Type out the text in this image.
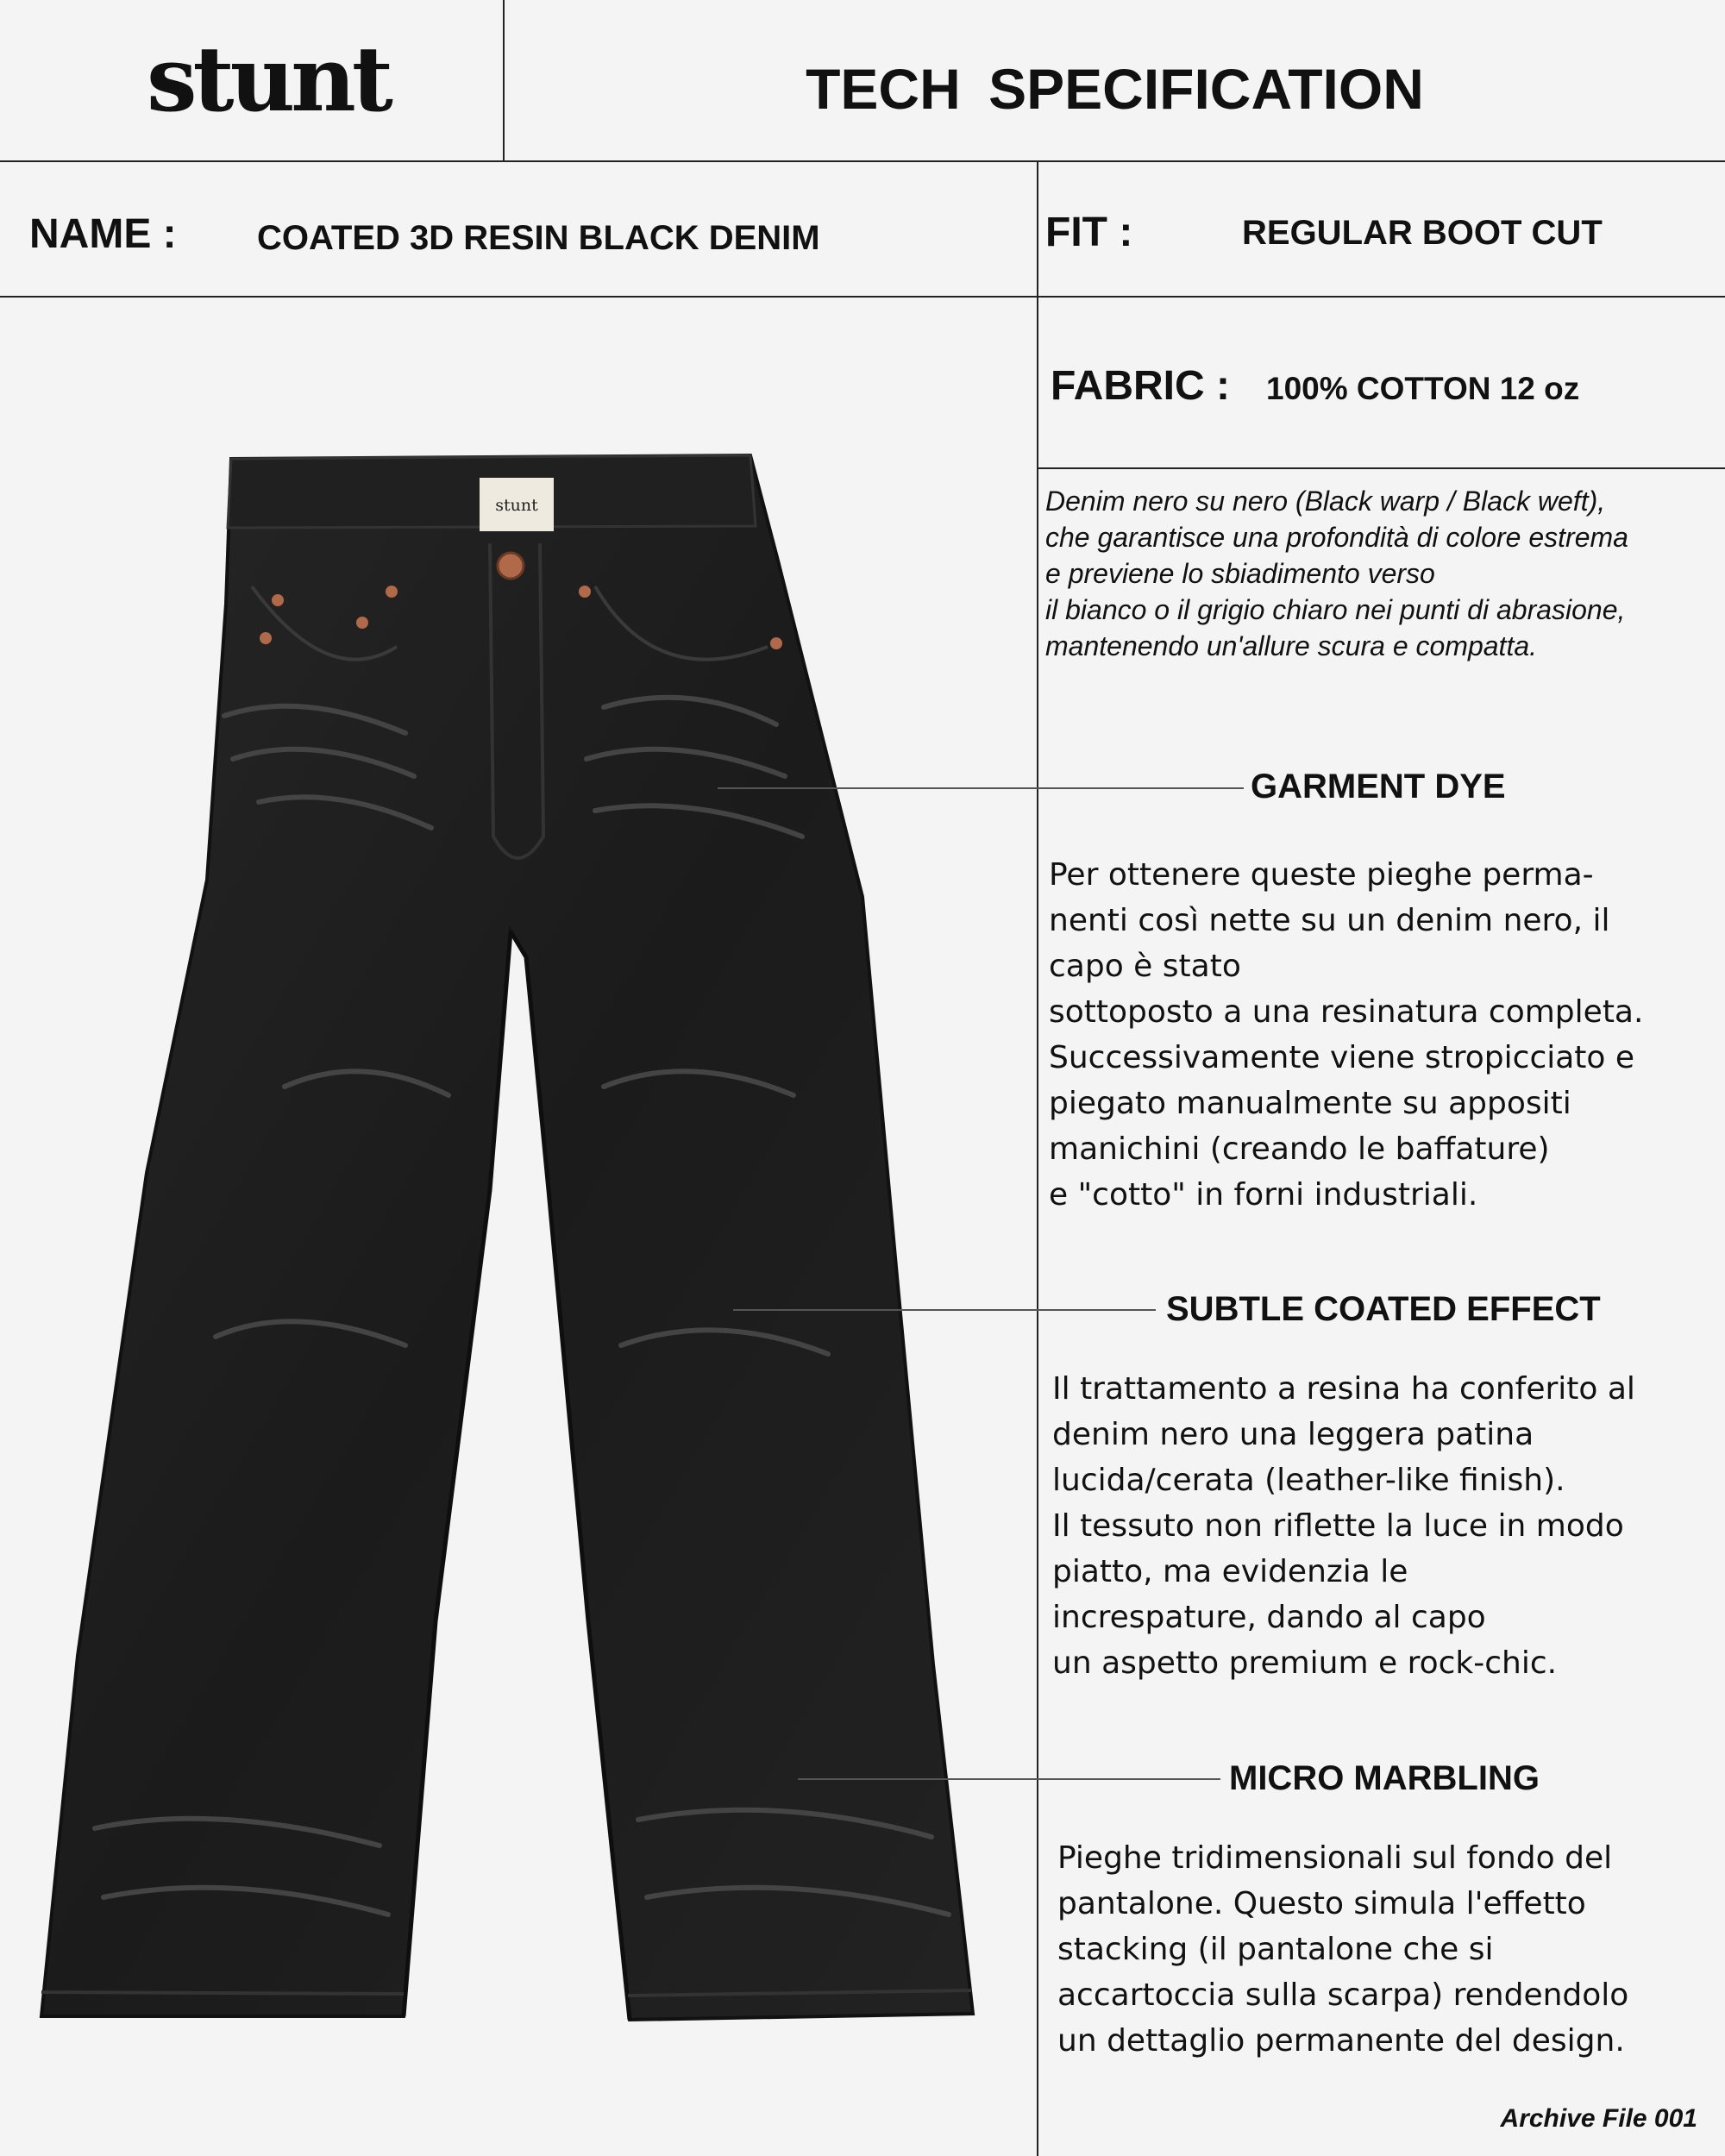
stunt	TECH SPECIFICATION
NAME : COATED 3D RESIN BLACK DENIM	FIT :	REGULAR BOOT CUT
FABRIC : 100% COTTON 12 oz

Denim nero su nero (Black warp / Black weft),
che garantisce una profondità di colore estrema
e previene lo sbiadimento verso
il bianco o il grigio chiaro nei punti di abrasione,
mantenendo un'allure scura e compatta.

stunt
GARMENT DYE

Per ottenere queste pieghe perma-
nenti così nette su un denim nero, il
capo è stato
sottoposto a una resinatura completa.
Successivamente viene stropicciato e
piegato manualmente su appositi
manichini (creando le baffature)
e "cotto" in forni industriali.

SUBTLE COATED EFFECT

Il trattamento a resina ha conferito al
denim nero una leggera patina
lucida/cerata (leather-like finish).
Il tessuto non riflette la luce in modo
piatto, ma evidenzia le
increspature, dando al capo
un aspetto premium e rock-chic.

MICRO MARBLING

Pieghe tridimensionali sul fondo del
pantalone. Questo simula l'effetto
stacking (il pantalone che si
accartoccia sulla scarpa) rendendolo
un dettaglio permanente del design.

Archive File 001
